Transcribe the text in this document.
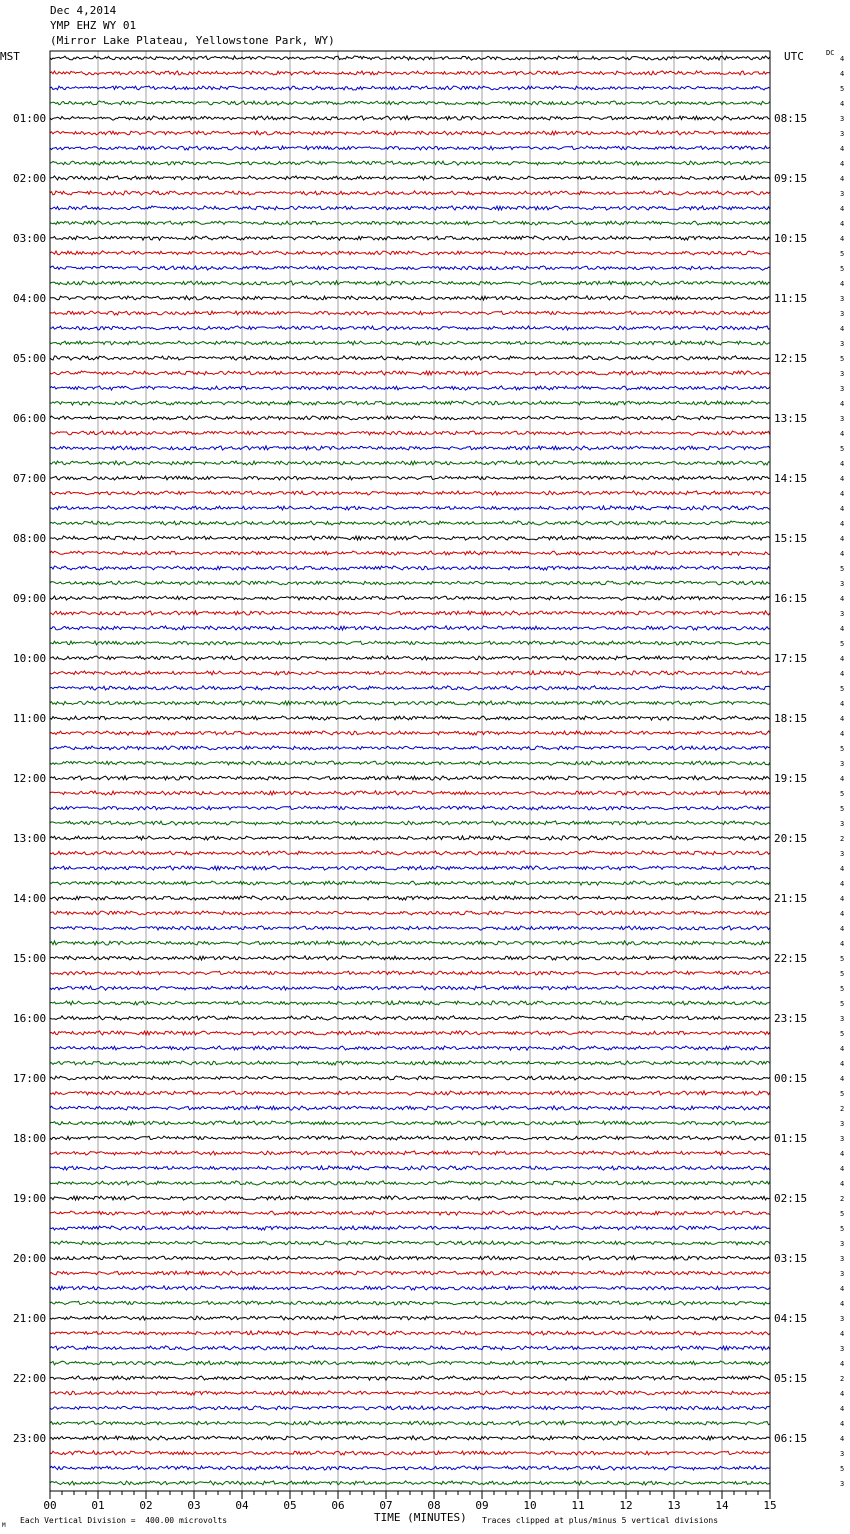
Dec 4,2014
YMP EHZ WY 01
(Mirror Lake Plateau, Yellowstone Park, WY)
MST	UTC	DC
00	01	02	03	04	05	06	07	08	09	10	11	12	13	14	15
01:00
02:00
03:00
04:00
05:00
06:00
07:00
08:00
09:00
10:00
11:00
12:00
13:00
14:00
15:00
16:00
17:00
18:00
19:00
20:00
21:00
22:00
23:00
08:15
09:15
10:15
11:15
12:15
13:15
14:15
15:15
16:15
17:15
18:15
19:15
20:15
21:15
22:15
23:15
00:15
01:15
02:15
03:15
04:15
05:15
06:15
4
4
5
4
3
3
4
4
4
3
4
4
4
5
5
4
3
3
4
3
5
3
3
4
3
4
5
4
4
4
4
4
4
4
5
3
4
3
4
5
4
4
5
4
4
4
5
3
4
5
5
3
2
3
4
4
4
4
4
4
5
5
5
5
3
5
4
4
4
5
2
3
3
4
4
4
2
5
5
3
3
3
4
4
3
4
3
4
2
4
4
4
4
3
5
3
M
Each Vertical Division =  400.00 microvolts	TIME (MINUTES) Traces clipped at plus/minus 5 vertical divisions
